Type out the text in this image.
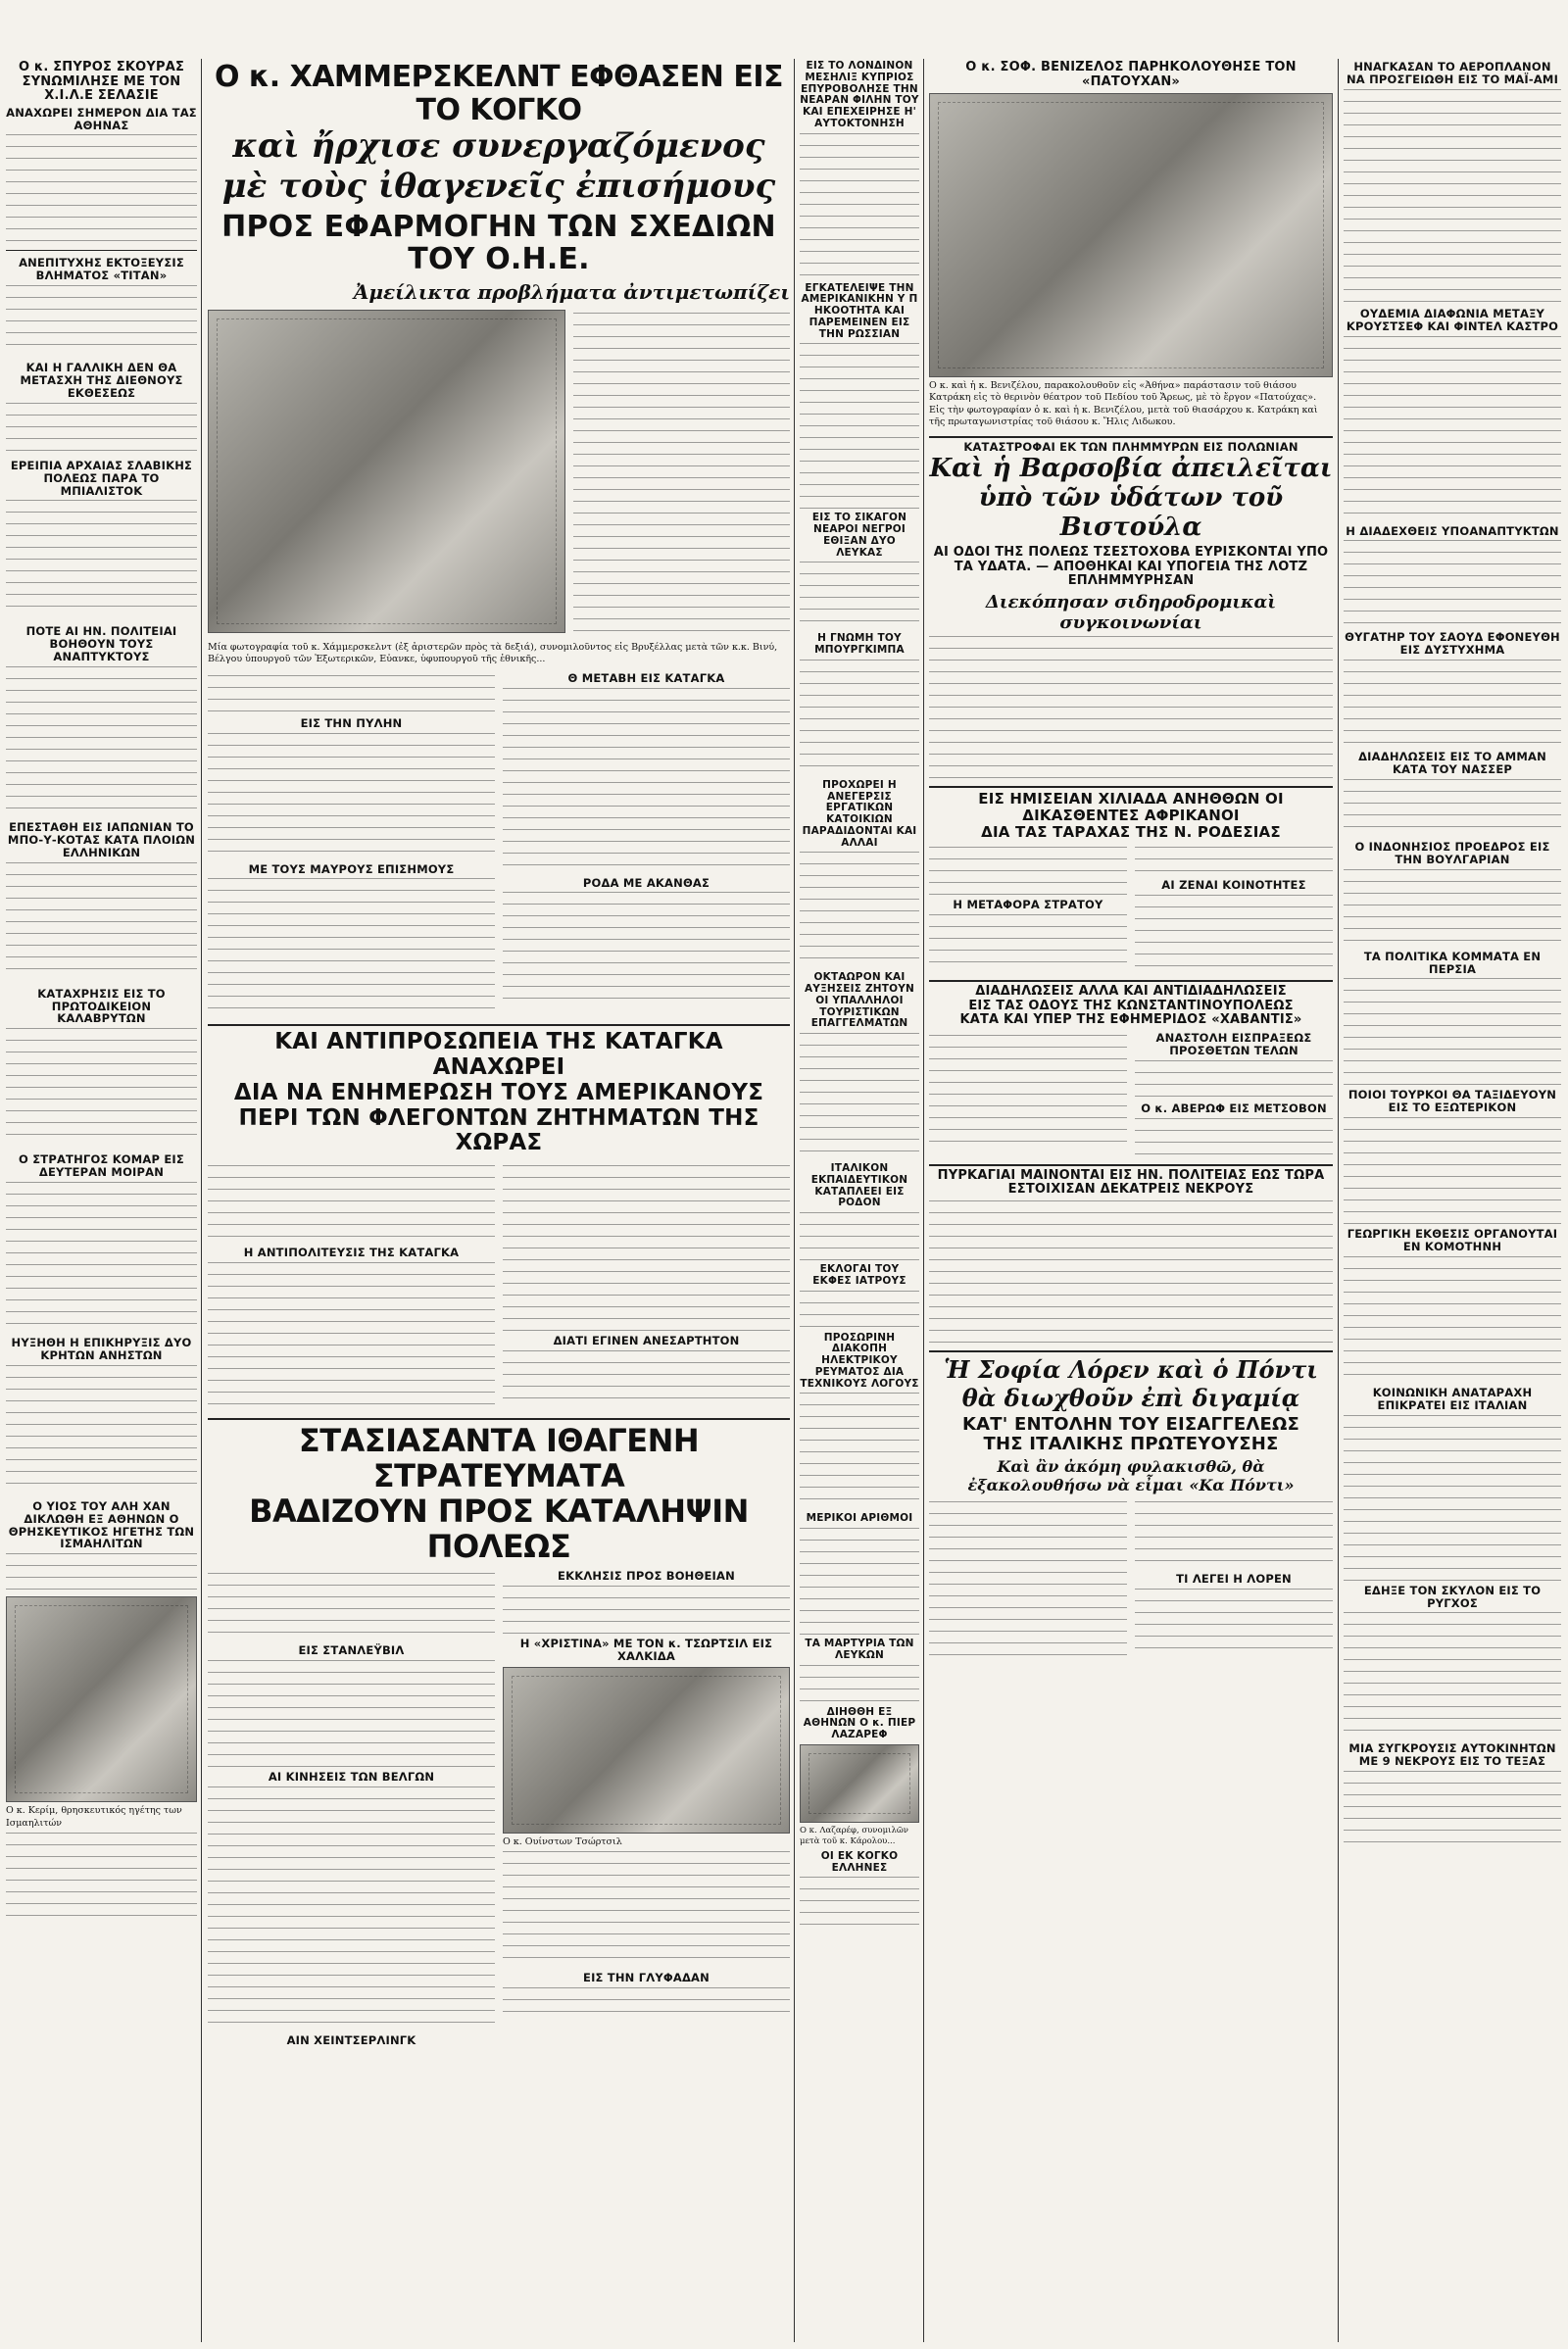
Ο κ. ΣΠΥΡΟΣ ΣΚΟΥΡΑΣ ΣΥΝΩΜΙΛΗΣΕ ΜΕ ΤΟΝ Χ.Ι.Λ.Ε ΣΕΛΑΣΙΕ
ΑΝΑΧΩΡΕΙ ΣΗΜΕΡΟΝ ΔΙΑ ΤΑΣ ΑΘΗΝΑΣ
ΑΝΕΠΙΤΥΧΗΣ ΕΚΤΟΞΕΥΣΙΣ ΒΛΗΜΑΤΟΣ «ΤΙΤΑΝ»
ΚΑΙ Η ΓΑΛΛΙΚΗ ΔΕΝ ΘΑ ΜΕΤΑΣΧΗ ΤΗΣ ΔΙΕΘΝΟΥΣ ΕΚΘΕΣΕΩΣ
ΕΡΕΙΠΙΑ ΑΡΧΑΙΑΣ ΣΛΑΒΙΚΗΣ ΠΟΛΕΩΣ ΠΑΡΑ ΤΟ ΜΠΙΑΛΙΣΤΟΚ
ΠΟΤΕ ΑΙ ΗΝ. ΠΟΛΙΤΕΙΑΙ ΒΟΗΘΟΥΝ ΤΟΥΣ ΑΝΑΠΤΥΚΤΟΥΣ
ΕΠΕΣΤΑΘΗ ΕΙΣ ΙΑΠΩΝΙΑΝ ΤΟ ΜΠΟ-Υ-ΚΟΤΑΣ ΚΑΤΑ ΠΛΟΙΩΝ ΕΛΛΗΝΙΚΩΝ
ΚΑΤΑΧΡΗΣΙΣ ΕΙΣ ΤΟ ΠΡΩΤΟΔΙΚΕΙΟΝ ΚΑΛΑΒΡΥΤΩΝ
Ο ΣΤΡΑΤΗΓΟΣ ΚΟΜΑΡ ΕΙΣ ΔΕΥΤΕΡΑΝ ΜΟΙΡΑΝ
ΗΥΞΗΘΗ Η ΕΠΙΚΗΡΥΞΙΣ ΔΥΟ ΚΡΗΤΩΝ ΑΝΗΣΤΩΝ
Ο ΥΙΟΣ ΤΟΥ ΑΛΗ ΧΑΝ ΔΙΚΛΩΘΗ ΕΞ ΑΘΗΝΩΝ Ο ΘΡΗΣΚΕΥΤΙΚΟΣ ΗΓΕΤΗΣ ΤΩΝ ΙΣΜΑΗΛΙΤΩΝ
Ο κ. Κερίμ, θρησκευτικός ηγέτης των Ισμαηλιτών
Ο κ. ΧΑΜΜΕΡΣΚΕΛΝΤ ΕΦΘΑΣΕΝ ΕΙΣ ΤΟ ΚΟΓΚΟ
καὶ ἤρχισε συνεργαζόμενος
μὲ τοὺς ἰθαγενεῖς ἐπισήμους
ΠΡΟΣ ΕΦΑΡΜΟΓΗΝ ΤΩΝ ΣΧΕΔΙΩΝ ΤΟΥ Ο.Η.Ε.
Ἀμείλικτα προβλήματα ἀντιμετωπίζει
Μία φωτογραφία τοῦ κ. Χάμμερσκελντ (ἐξ ἀριστερῶν πρὸς τὰ δεξιά), συνομιλοῦντος εἰς Βρυξέλλας μετὰ τῶν κ.κ. Βινύ, Βέλγου ὑπουργοῦ τῶν Ἐξωτερικῶν, Εὐανκε, ὑφυπουργοῦ τῆς ἐθνικῆς...
ΕΙΣ ΤΗΝ ΠΥΛΗΝ
ΜΕ ΤΟΥΣ ΜΑΥΡΟΥΣ ΕΠΙΣΗΜΟΥΣ
Θ ΜΕΤΑΒΗ ΕΙΣ ΚΑΤΑΓΚΑ
ΡΟΔΑ ΜΕ ΑΚΑΝΘΑΣ
ΚΑΙ ΑΝΤΙΠΡΟΣΩΠΕΙΑ ΤΗΣ ΚΑΤΑΓΚΑ ΑΝΑΧΩΡΕΙ
ΔΙΑ ΝΑ ΕΝΗΜΕΡΩΣΗ ΤΟΥΣ ΑΜΕΡΙΚΑΝΟΥΣ
ΠΕΡΙ ΤΩΝ ΦΛΕΓΟΝΤΩΝ ΖΗΤΗΜΑΤΩΝ ΤΗΣ ΧΩΡΑΣ
Η ΑΝΤΙΠΟΛΙΤΕΥΣΙΣ ΤΗΣ ΚΑΤΑΓΚΑ
ΔΙΑΤΙ ΕΓΙΝΕΝ ΑΝΕΣΑΡΤΗΤΟΝ
ΣΤΑΣΙΑΣΑΝΤΑ ΙΘΑΓΕΝΗ ΣΤΡΑΤΕΥΜΑΤΑ
ΒΑΔΙΖΟΥΝ ΠΡΟΣ ΚΑΤΑΛΗΨΙΝ ΠΟΛΕΩΣ
ΕΙΣ ΣΤΑΝΛΕΫΒΙΛ
ΑΙ ΚΙΝΗΣΕΙΣ ΤΩΝ ΒΕΛΓΩΝ
ΑΙΝ ΧΕΙΝΤΣΕΡΛΙΝΓΚ
ΕΚΚΛΗΣΙΣ ΠΡΟΣ ΒΟΗΘΕΙΑΝ
Η «ΧΡΙΣΤΙΝΑ» ΜΕ ΤΟΝ κ. ΤΣΩΡΤΣΙΛ ΕΙΣ ΧΑΛΚΙΔΑ
Ο κ. Ουίνστων Τσώρτσιλ
ΕΙΣ ΤΗΝ ΓΛΥΦΑΔΑΝ
ΕΙΣ ΤΟ ΛΟΝΔΙΝΟΝ ΜΕΣΗΛΙΞ ΚΥΠΡΙΟΣ ΕΠΥΡΟΒΟΛΗΣΕ ΤΗΝ ΝΕΑΡΑΝ ΦΙΛΗΝ ΤΟΥ ΚΑΙ ΕΠΕΧΕΙΡΗΣΕ Η' ΑΥΤΟΚΤΟΝΗΣΗ
ΕΓΚΑΤΕΛΕΙΨΕ ΤΗΝ ΑΜΕΡΙΚΑΝΙΚΗΝ Υ Π ΗΚΟΟΤΗΤΑ ΚΑΙ ΠΑΡΕΜΕΙΝΕΝ ΕΙΣ ΤΗΝ ΡΩΣΣΙΑΝ
ΕΙΣ ΤΟ ΣΙΚΑΓΟΝ ΝΕΑΡΟΙ ΝΕΓΡΟΙ ΕΘΙΞΑΝ ΔΥΟ ΛΕΥΚΑΣ
Η ΓΝΩΜΗ ΤΟΥ ΜΠΟΥΡΓΚΙΜΠΑ
ΠΡΟΧΩΡΕΙ Η ΑΝΕΓΕΡΣΙΣ ΕΡΓΑΤΙΚΩΝ ΚΑΤΟΙΚΙΩΝ ΠΑΡΑΔΙΔΟΝΤΑΙ ΚΑΙ ΑΛΛΑΙ
ΟΚΤΑΩΡΟΝ ΚΑΙ ΑΥΞΗΣΕΙΣ ΖΗΤΟΥΝ ΟΙ ΥΠΑΛΛΗΛΟΙ ΤΟΥΡΙΣΤΙΚΩΝ ΕΠΑΓΓΕΛΜΑΤΩΝ
ΙΤΑΛΙΚΟΝ ΕΚΠΑΙΔΕΥΤΙΚΟΝ ΚΑΤΑΠΛΕΕΙ ΕΙΣ ΡΟΔΟΝ
ΕΚΛΟΓΑΙ ΤΟΥ ΕΚΦΕΣ ΙΑΤΡΟΥΣ
ΠΡΟΣΩΡΙΝΗ ΔΙΑΚΟΠΗ ΗΛΕΚΤΡΙΚΟΥ ΡΕΥΜΑΤΟΣ ΔΙΑ ΤΕΧΝΙΚΟΥΣ ΛΟΓΟΥΣ
ΜΕΡΙΚΟΙ ΑΡΙΘΜΟΙ
ΤΑ ΜΑΡΤΥΡΙΑ ΤΩΝ ΛΕΥΚΩΝ
ΔΙΗΘΘΗ ΕΞ ΑΘΗΝΩΝ Ο κ. ΠΙΕΡ ΛΑΖΑΡΕΦ
Ο κ. Λαζαρέφ, συνομιλῶν μετὰ τοῦ κ. Κάρολου...
ΟΙ ΕΚ ΚΟΓΚΟ ΕΛΛΗΝΕΣ
Ο κ. ΣΟΦ. ΒΕΝΙΖΕΛΟΣ ΠΑΡΗΚΟΛΟΥΘΗΣΕ ΤΟΝ «ΠΑΤΟΥΧΑΝ»
Ο κ. καὶ ἡ κ. Βενιζέλου, παρακολουθοῦν εἰς «Ἀθήνα» παράστασιν τοῦ θιάσου Κατράκη εἰς τὸ θερινὸν θέατρον τοῦ Πεδίου τοῦ Ἄρεως, μὲ τὸ ἔργον «Πατούχας». Εἰς τὴν φωτογραφίαν ὁ κ. καὶ ἡ κ. Βενιζέλου, μετὰ τοῦ θιασάρχου κ. Κατράκη καὶ τῆς πρωταγωνιστρίας τοῦ θιάσου κ. Ἤλις Λιδωκου.
ΚΑΤΑΣΤΡΟΦΑΙ ΕΚ ΤΩΝ ΠΛΗΜΜΥΡΩΝ ΕΙΣ ΠΟΛΩΝΙΑΝ
Καὶ ἡ Βαρσοβία ἀπειλεῖται
ὑπὸ τῶν ὑδάτων τοῦ Βιστούλα
ΑΙ ΟΔΟΙ ΤΗΣ ΠΟΛΕΩΣ ΤΣΕΣΤΟΧΟΒΑ ΕΥΡΙΣΚΟΝΤΑΙ ΥΠΟ ΤΑ ΥΔΑΤΑ. — ΑΠΟΘΗΚΑΙ ΚΑΙ ΥΠΟΓΕΙΑ ΤΗΣ ΛΟΤΖ ΕΠΛΗΜΜΥΡΗΣΑΝ
Διεκόπησαν σιδηροδρομικαὶ συγκοινωνίαι
ΕΙΣ ΗΜΙΣΕΙΑΝ ΧΙΛΙΑΔΑ ΑΝΗΘΘΩΝ ΟΙ ΔΙΚΑΣΘΕΝΤΕΣ ΑΦΡΙΚΑΝΟΙ
ΔΙΑ ΤΑΣ ΤΑΡΑΧΑΣ ΤΗΣ Ν. ΡΟΔΕΣΙΑΣ
Η ΜΕΤΑΦΟΡΑ ΣΤΡΑΤΟΥ
ΑΙ ΖΕΝΑΙ ΚΟΙΝΟΤΗΤΕΣ
ΔΙΑΔΗΛΩΣΕΙΣ ΑΛΛΑ ΚΑΙ ΑΝΤΙΔΙΑΔΗΛΩΣΕΙΣ
ΕΙΣ ΤΑΣ ΟΔΟΥΣ ΤΗΣ ΚΩΝΣΤΑΝΤΙΝΟΥΠΟΛΕΩΣ
ΚΑΤΑ ΚΑΙ ΥΠΕΡ ΤΗΣ ΕΦΗΜΕΡΙΔΟΣ «ΧΑΒΑΝΤΙΣ»
ΑΝΑΣΤΟΛΗ ΕΙΣΠΡΑΞΕΩΣ ΠΡΟΣΘΕΤΩΝ ΤΕΛΩΝ
Ο κ. ΑΒΕΡΩΦ ΕΙΣ ΜΕΤΣΟΒΟΝ
ΠΥΡΚΑΓΙΑΙ ΜΑΙΝΟΝΤΑΙ ΕΙΣ ΗΝ. ΠΟΛΙΤΕΙΑΣ ΕΩΣ ΤΩΡΑ ΕΣΤΟΙΧΙΣΑΝ ΔΕΚΑΤΡΕΙΣ ΝΕΚΡΟΥΣ
Ἡ Σοφία Λόρεν καὶ ὁ Πόντι
θὰ διωχθοῦν ἐπὶ διγαμίᾳ
ΚΑΤ' ΕΝΤΟΛΗΝ ΤΟΥ ΕΙΣΑΓΓΕΛΕΩΣ
ΤΗΣ ΙΤΑΛΙΚΗΣ ΠΡΩΤΕΥΟΥΣΗΣ
Καὶ ἂν ἀκόμη φυλακισθῶ, θὰ ἐξακολουθήσω νὰ εἶμαι «Κα Πόντι»
ΤΙ ΛΕΓΕΙ Η ΛΟΡΕΝ
ΗΝΑΓΚΑΣΑΝ ΤΟ ΑΕΡΟΠΛΑΝΟΝ ΝΑ ΠΡΟΣΓΕΙΩΘΗ ΕΙΣ ΤΟ ΜΑΪ-ΑΜΙ
ΟΥΔΕΜΙΑ ΔΙΑΦΩΝΙΑ ΜΕΤΑΞΥ ΚΡΟΥΣΤΣΕΦ ΚΑΙ ΦΙΝΤΕΛ ΚΑΣΤΡΟ
Η ΔΙΑΔΕΧΘΕΙΣ ΥΠΟΑΝΑΠΤΥΚΤΩΝ
ΘΥΓΑΤΗΡ ΤΟΥ ΣΑΟΥΔ ΕΦΟΝΕΥΘΗ ΕΙΣ ΔΥΣΤΥΧΗΜΑ
ΔΙΑΔΗΛΩΣΕΙΣ ΕΙΣ ΤΟ ΑΜΜΑΝ ΚΑΤΑ ΤΟΥ ΝΑΣΣΕΡ
Ο ΙΝΔΟΝΗΣΙΟΣ ΠΡΟΕΔΡΟΣ ΕΙΣ ΤΗΝ ΒΟΥΛΓΑΡΙΑΝ
ΤΑ ΠΟΛΙΤΙΚΑ ΚΟΜΜΑΤΑ ΕΝ ΠΕΡΣΙΑ
ΠΟΙΟΙ ΤΟΥΡΚΟΙ ΘΑ ΤΑΞΙΔΕΥΟΥΝ ΕΙΣ ΤΟ ΕΞΩΤΕΡΙΚΟΝ
ΓΕΩΡΓΙΚΗ ΕΚΘΕΣΙΣ ΟΡΓΑΝΟΥΤΑΙ ΕΝ ΚΟΜΟΤΗΝΗ
ΚΟΙΝΩΝΙΚΗ ΑΝΑΤΑΡΑΧΗ ΕΠΙΚΡΑΤΕΙ ΕΙΣ ΙΤΑΛΙΑΝ
ΕΔΗΞΕ ΤΟΝ ΣΚΥΛΟΝ ΕΙΣ ΤΟ ΡΥΓΧΟΣ
ΜΙΑ ΣΥΓΚΡΟΥΣΙΣ ΑΥΤΟΚΙΝΗΤΩΝ ΜΕ 9 ΝΕΚΡΟΥΣ ΕΙΣ ΤΟ ΤΕΞΑΣ
